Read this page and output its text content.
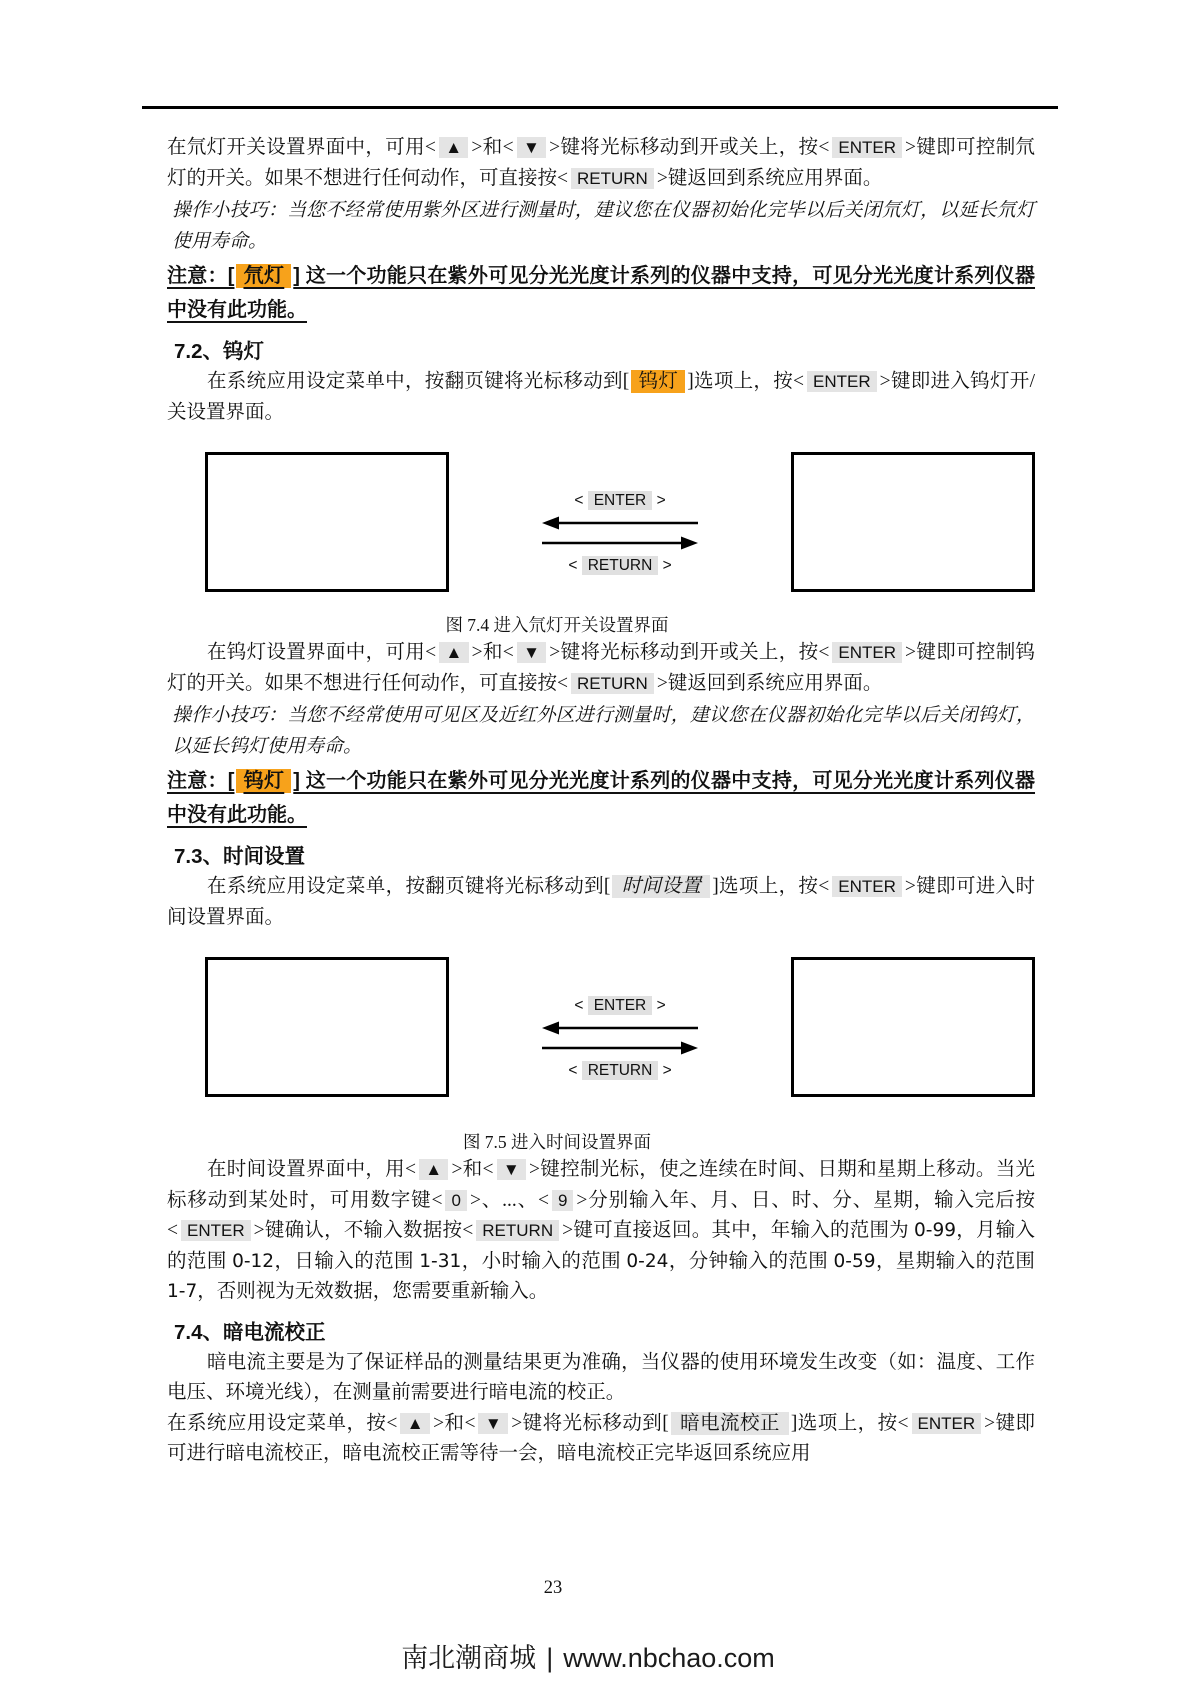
在氘灯开关设置界面中，可用< ▲ >和< ▼ >键将光标移动到开或关上，按< ENTER >键即可控制氘灯的开关。如果不想进行任何动作，可直接按< RETURN >键返回到系统应用界面。

操作小技巧：当您不经常使用紫外区进行测量时，建议您在仪器初始化完毕以后关闭氘灯，以延长氘灯使用寿命。

注意：[ 氘灯 ] 这一个功能只在紫外可见分光光度计系列的仪器中支持，可见分光光度计系列仪器中没有此功能。

7.2、钨灯

在系统应用设定菜单中，按翻页键将光标移动到[ 钨灯 ]选项上，按< ENTER >键即进入钨灯开/关设置界面。

< ENTER >
< RETURN >

图 7.4 进入氘灯开关设置界面

在钨灯设置界面中，可用< ▲ >和< ▼ >键将光标移动到开或关上，按< ENTER >键即可控制钨灯的开关。如果不想进行任何动作，可直接按< RETURN >键返回到系统应用界面。

操作小技巧：当您不经常使用可见区及近红外区进行测量时，建议您在仪器初始化完毕以后关闭钨灯，以延长钨灯使用寿命。

注意：[ 钨灯 ] 这一个功能只在紫外可见分光光度计系列的仪器中支持，可见分光光度计系列仪器中没有此功能。

7.3、时间设置

在系统应用设定菜单，按翻页键将光标移动到[ 时间设置 ]选项上，按< ENTER >键即可进入时间设置界面。

< ENTER >
< RETURN >

图 7.5 进入时间设置界面

在时间设置界面中，用< ▲ >和< ▼ >键控制光标，使之连续在时间、日期和星期上移动。当光标移动到某处时，可用数字键< 0 >、...、< 9 >分别输入年、月、日、时、分、星期，输入完后按< ENTER >键确认，不输入数据按< RETURN >键可直接返回。其中，年输入的范围为 0-99，月输入的范围 0-12，日输入的范围 1-31，小时输入的范围 0-24，分钟输入的范围 0-59，星期输入的范围 1-7，否则视为无效数据，您需要重新输入。

7.4、暗电流校正

暗电流主要是为了保证样品的测量结果更为准确，当仪器的使用环境发生改变（如：温度、工作电压、环境光线），在测量前需要进行暗电流的校正。

在系统应用设定菜单，按< ▲ >和< ▼ >键将光标移动到[ 暗电流校正 ]选项上，按< ENTER >键即可进行暗电流校正，暗电流校正需等待一会，暗电流校正完毕返回系统应用

23
南北潮商城 | www.nbchao.com
